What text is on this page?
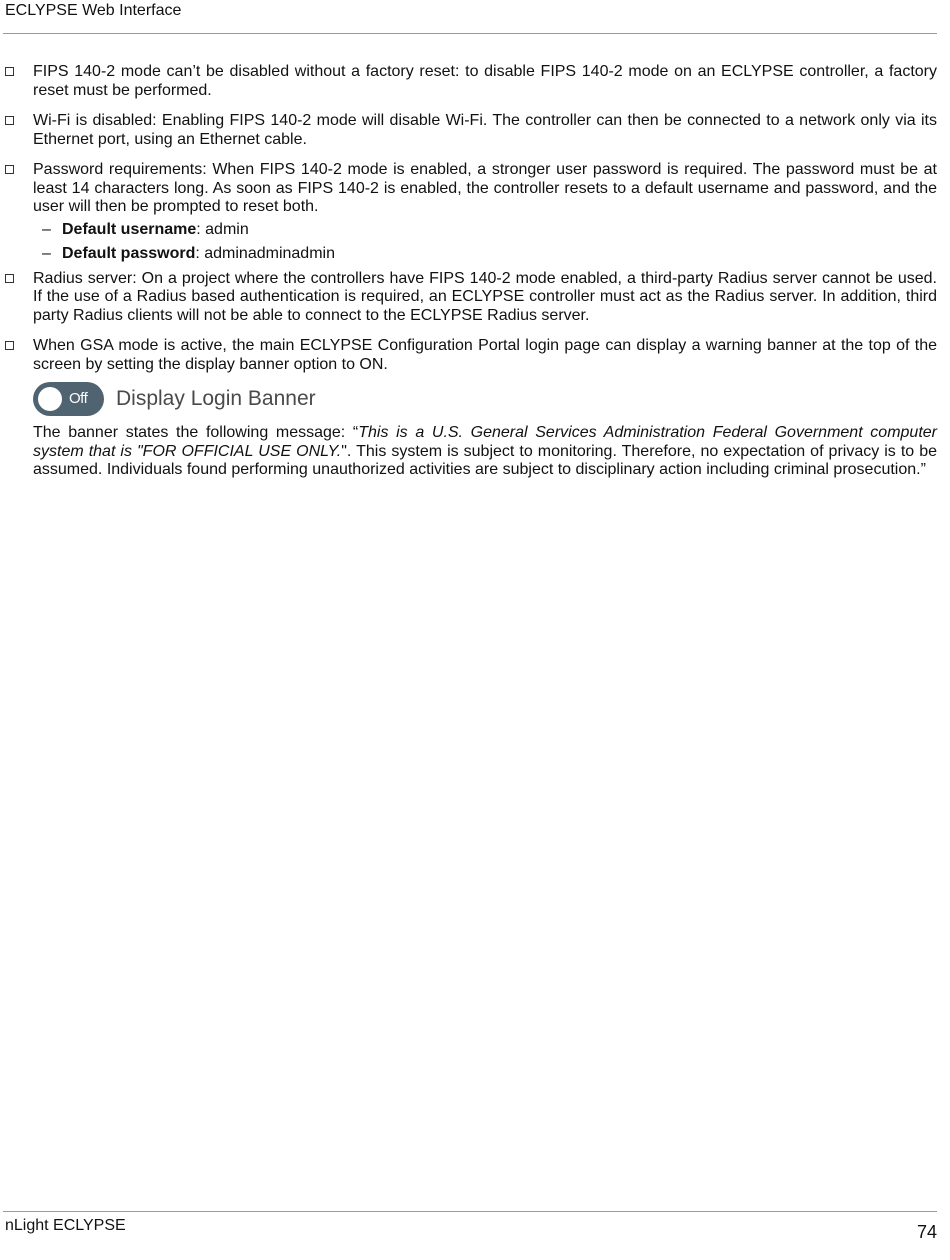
ECLYPSE Web Interface
FIPS 140-2 mode can’t be disabled without a factory reset: to disable FIPS 140-2 mode on an ECLYPSE controller, a factory reset must be performed.
Wi-Fi is disabled: Enabling FIPS 140-2 mode will disable Wi-Fi. The controller can then be connected to a network only via its Ethernet port, using an Ethernet cable.
Password requirements: When FIPS 140-2 mode is enabled, a stronger user password is required. The password must be at least 14 characters long. As soon as FIPS 140-2 is enabled, the controller resets to a default username and password, and the user will then be prompted to reset both.
– Default username: admin
– Default password: adminadminadmin
Radius server: On a project where the controllers have FIPS 140-2 mode enabled, a third-party Radius server cannot be used. If the use of a Radius based authentication is required, an ECLYPSE controller must act as the Radius server. In addition, third party Radius clients will not be able to connect to the ECLYPSE Radius server.
When GSA mode is active, the main ECLYPSE Configuration Portal login page can display a warning banner at the top of the screen by setting the display banner option to ON.
Off Display Login Banner
The banner states the following message: “This is a U.S. General Services Administration Federal Government computer system that is "FOR OFFICIAL USE ONLY.". This system is subject to monitoring. Therefore, no expectation of privacy is to be assumed. Individuals found performing unauthorized activities are subject to disciplinary action including criminal prosecution.”
nLight ECLYPSE	74
